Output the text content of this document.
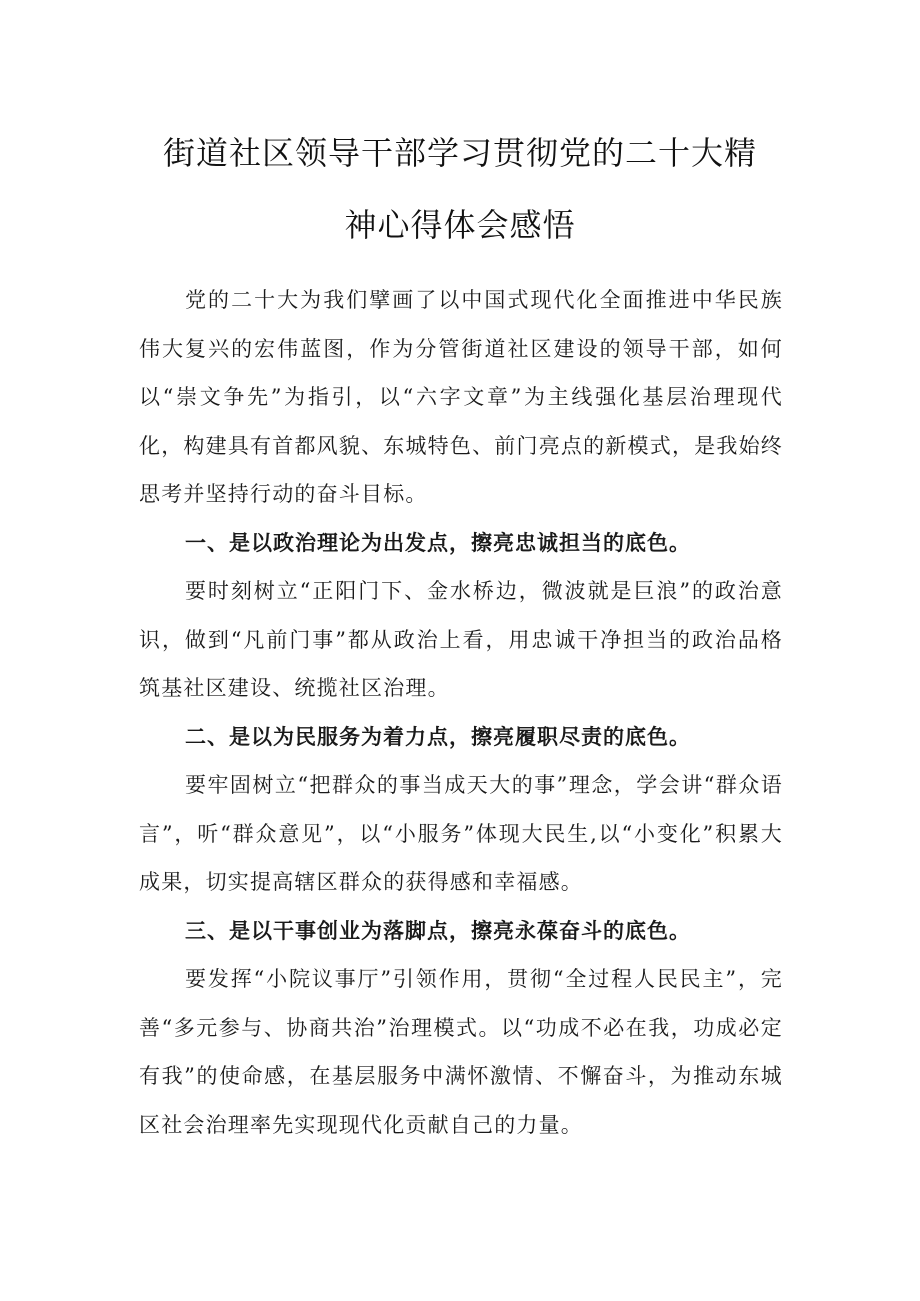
街道社区领导干部学习贯彻党的二十大精
神心得体会感悟

党的二十大为我们擘画了以中国式现代化全面推进中华民族伟大复兴的宏伟蓝图，作为分管街道社区建设的领导干部，如何以“崇文争先”为指引，以“六字文章”为主线强化基层治理现代化，构建具有首都风貌、东城特色、前门亮点的新模式，是我始终思考并坚持行动的奋斗目标。

一、是以政治理论为出发点，擦亮忠诚担当的底色。

要时刻树立“正阳门下、金水桥边，微波就是巨浪”的政治意识，做到“凡前门事”都从政治上看，用忠诚干净担当的政治品格筑基社区建设、统揽社区治理。

二、是以为民服务为着力点，擦亮履职尽责的底色。

要牢固树立“把群众的事当成天大的事”理念，学会讲“群众语言”，听“群众意见”，以“小服务”体现大民生,以“小变化”积累大成果，切实提高辖区群众的获得感和幸福感。

三、是以干事创业为落脚点，擦亮永葆奋斗的底色。

要发挥“小院议事厅”引领作用，贯彻“全过程人民民主”，完善“多元参与、协商共治”治理模式。以“功成不必在我，功成必定有我”的使命感，在基层服务中满怀激情、不懈奋斗，为推动东城区社会治理率先实现现代化贡献自己的力量。
